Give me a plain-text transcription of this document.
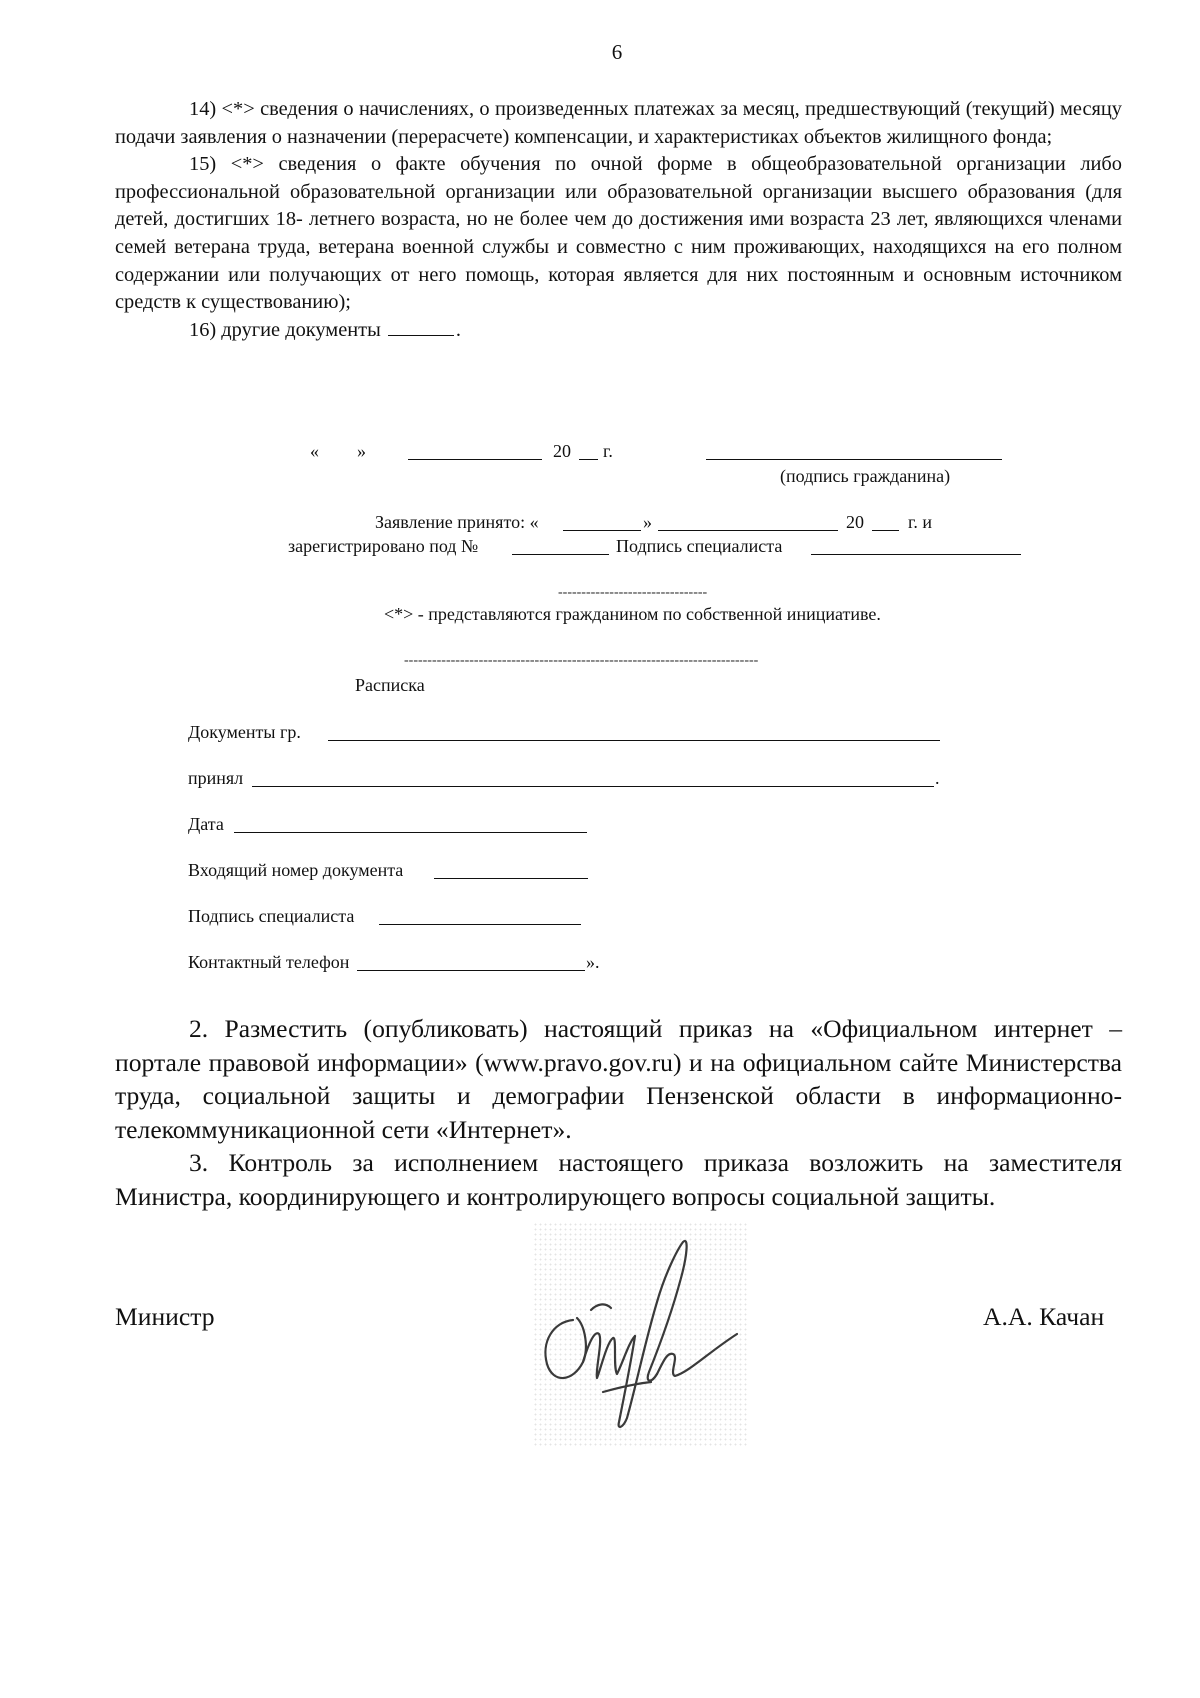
6

14) <*> сведения о начислениях, о произведенных платежах за месяц, предшествующий (текущий) месяцу подачи заявления о назначении (перерасчете) компенсации, и характеристиках объектов жилищного фонда;

15) <*> сведения о факте обучения по очной форме в общеобразовательной организации либо профессиональной образовательной организации или образовательной организации высшего образования (для детей, достигших 18- летнего возраста, но не более чем до достижения ими возраста 23 лет, являющихся членами семей ветерана труда, ветерана военной службы и совместно с ним проживающих, находящихся на его полном содержании или получающих от него помощь, которая является для них постоянным и основным источником средств к существованию);

16) другие документы	.

« »	20 г.
(подпись гражданина)
Заявление принято: «	»	20 г. и
зарегистрировано под №	Подпись специалиста
--------------------------------
<*> - представляются гражданином по собственной инициативе.
----------------------------------------------------------------------------
Расписка
Документы гр.
принял	.
Дата
Входящий номер документа
Подпись специалиста
Контактный телефон	».

2. Разместить (опубликовать) настоящий приказ на «Официальном интернет – портале правовой информации» (www.pravo.gov.ru) и на официальном сайте Министерства труда, социальной защиты и демографии Пензенской области в информационно-телекоммуникационной сети «Интернет».

3. Контроль за исполнением настоящего приказа возложить на заместителя Министра, координирующего и контролирующего вопросы социальной защиты.

Министр	А.А. Качан
